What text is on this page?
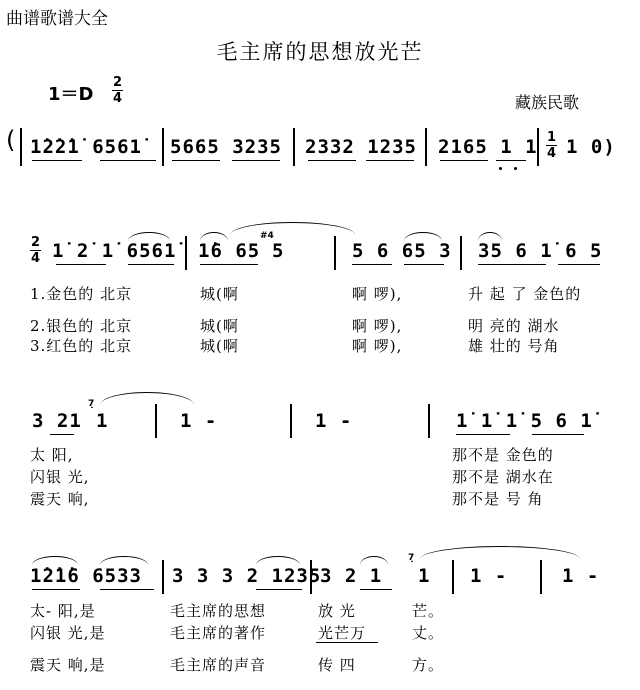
曲谱歌谱大全
毛主席的思想放光芒
$1=D \frac{2}{4}$	藏族民歌
( 1̇2̇2̇1̇ 6561̇ 5665 3235 2332 1235 2165 1 $1 \frac{1}{4} 1$ 0)
$\frac{2}{4}$ 1̇ 2̇ 1̇ 6561̇ 1̇6 65
#4
5	5 6 65 3 35 6 1̇ 6 5
1.金色的 北京	城(啊	啊 啰),	升 起 了 金色的
2.银色的 北京	城(啊	啊 啰),	明 亮的 湖水
3.红色的 北京	城(啊	啊 啰),	雄 壮的 号角
3 21
7̣
1	1 -	1 -	1̇ 1̇ 1̇ 5 6 1̇
太 阳,	那不是 金色的
闪银 光,	那不是 湖水在
震天 响,	那不是 号 角
1̇2̇1̇6 6533 3 3 3 2 1235
3 2 1
7̣
1 1 -	1 -
太- 阳,是	毛主席的思想	放 光	芒。
闪银 光,是	毛主席的著作	光芒万	丈。
震天 响,是	毛主席的声音	传 四	方。
